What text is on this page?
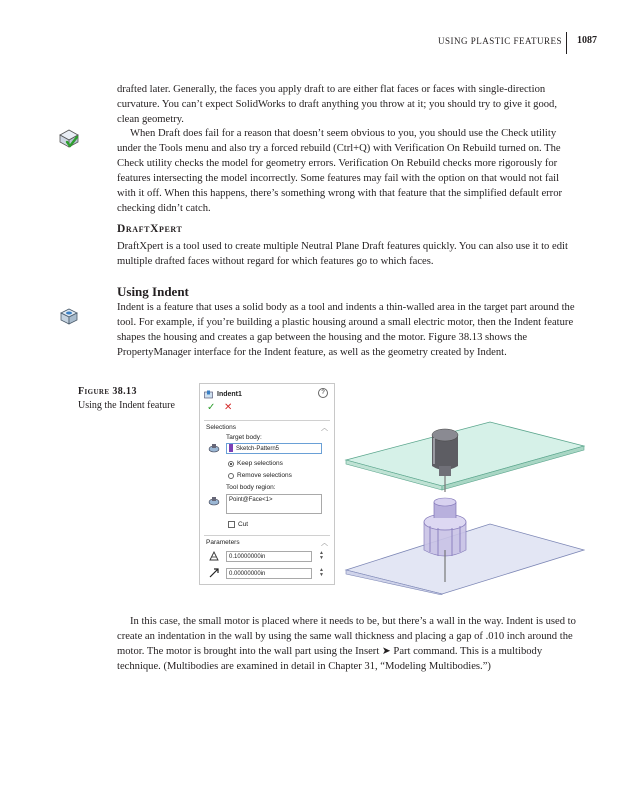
USING PLASTIC FEATURES 1087

drafted later. Generally, the faces you apply draft to are either flat faces or faces with single-direction curvature. You can’t expect SolidWorks to draft anything you throw at it; you should try to give it good, clean geometry.

When Draft does fail for a reason that doesn’t seem obvious to you, you should use the Check utility under the Tools menu and also try a forced rebuild (Ctrl+Q) with Verification On Rebuild turned on. The Check utility checks the model for geometry errors. Verification On Rebuild checks more rigorously for features intersecting the model incorrectly. Some features may fail with the option on that would not fail with it off. When this happens, there’s something wrong with that feature that the simplified default error checking didn’t catch.

DraftXpert

DraftXpert is a tool used to create multiple Neutral Plane Draft features quickly. You can also use it to edit multiple drafted faces without regard for which features go to which faces.

Using Indent

Indent is a feature that uses a solid body as a tool and indents a thin-walled area in the target part around the tool. For example, if you’re building a plastic housing around a small electric motor, then the Indent feature shapes the housing and creates a gap between the housing and the motor. Figure 38.13 shows the PropertyManager interface for the Indent feature, as well as the geometry created by Indent.

Figure 38.13
Using the Indent feature
Indent1	?
✓ ✕
Selections	︿
Target body:
Sketch-Pattern5
Keep selections
Remove selections
Tool body region:
Point@Face<1>
Cut
Parameters	︿
0.10000000in
▲
▼
0.00000000in
▲
▼

In this case, the small motor is placed where it needs to be, but there’s a wall in the way. Indent is used to create an indentation in the wall by using the same wall thickness and placing a gap of .010 inch around the motor. The motor is brought into the wall part using the Insert ➤ Part command. This is a multibody technique. (Multibodies are examined in detail in Chapter 31, “Modeling Multibodies.”)
